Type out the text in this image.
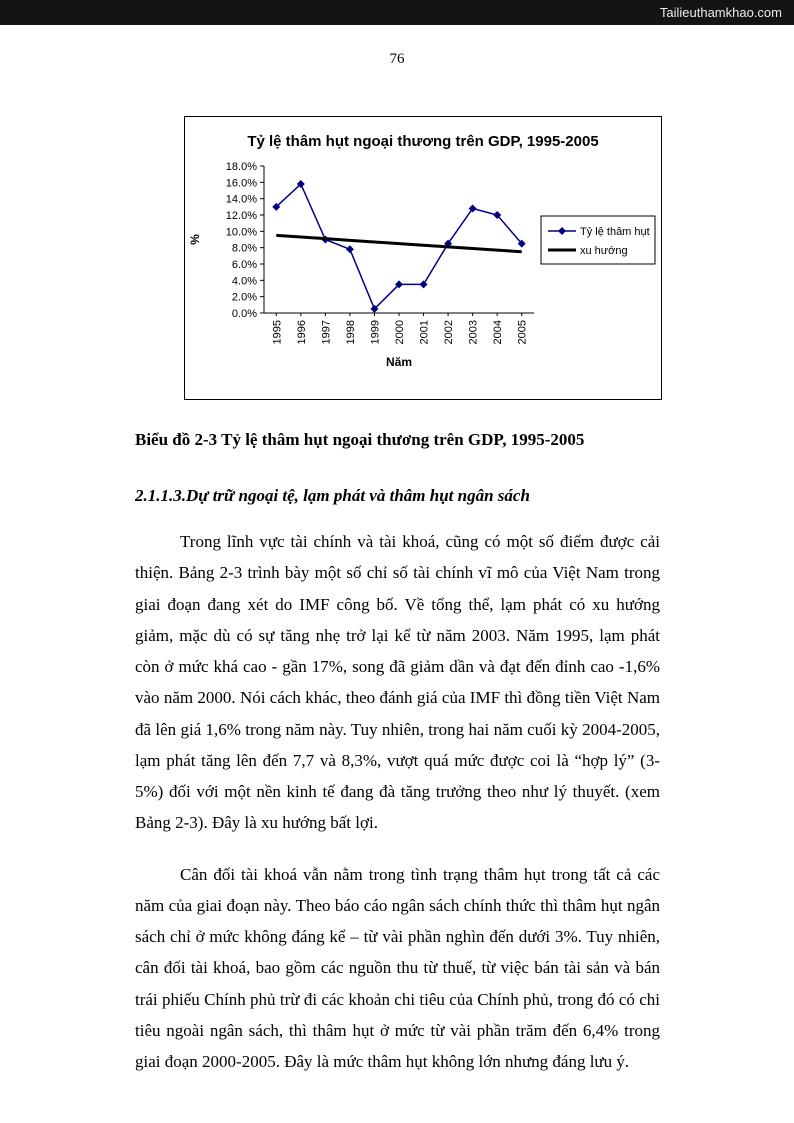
Tailieuthamkhao.com
76
Tỷ lệ thâm hụt ngoại thương trên GDP, 1995-2005
0.0%
2.0%
4.0%
6.0%
8.0%
10.0%
12.0%
14.0%
16.0%
18.0%
1995 1996 1997 1998 1999 2000 2001 2002 2003 2004 2005
%
Năm
Tỷ lệ thâm hụt
xu hướng
Biểu đồ 2-3 Tỷ lệ thâm hụt ngoại thương trên GDP, 1995-2005
2.1.1.3.Dự trữ ngoại tệ, lạm phát và thâm hụt ngân sách

Trong lĩnh vực tài chính và tài khoá, cũng có một số điểm được cải thiện. Bảng 2-3 trình bày một số chỉ số tài chính vĩ mô của Việt Nam trong giai đoạn đang xét do IMF công bố. Về tổng thể, lạm phát có xu hướng giảm, mặc dù có sự tăng nhẹ trở lại kể từ năm 2003. Năm 1995, lạm phát còn ở mức khá cao - gần 17%, song đã giảm dần và đạt đến đỉnh cao -1,6% vào năm 2000. Nói cách khác, theo đánh giá của IMF thì đồng tiền Việt Nam đã lên giá 1,6% trong năm này. Tuy nhiên, trong hai năm cuối kỳ 2004-2005, lạm phát tăng lên đến 7,7 và 8,3%, vượt quá mức được coi là “hợp lý” (3-5%) đối với một nền kinh tế đang đà tăng trưởng theo như lý thuyết. (xem Bảng 2-3). Đây là xu hướng bất lợi.

Cân đối tài khoá vẫn nằm trong tình trạng thâm hụt trong tất cả các năm của giai đoạn này. Theo báo cáo ngân sách chính thức thì thâm hụt ngân sách chỉ ở mức không đáng kể – từ vài phần nghìn đến dưới 3%. Tuy nhiên, cân đối tài khoá, bao gồm các nguồn thu từ thuế, từ việc bán tài sản và bán trái phiếu Chính phủ trừ đi các khoản chi tiêu của Chính phủ, trong đó có chi tiêu ngoài ngân sách, thì thâm hụt ở mức từ vài phần trăm đến 6,4% trong giai đoạn 2000-2005. Đây là mức thâm hụt không lớn nhưng đáng lưu ý.
